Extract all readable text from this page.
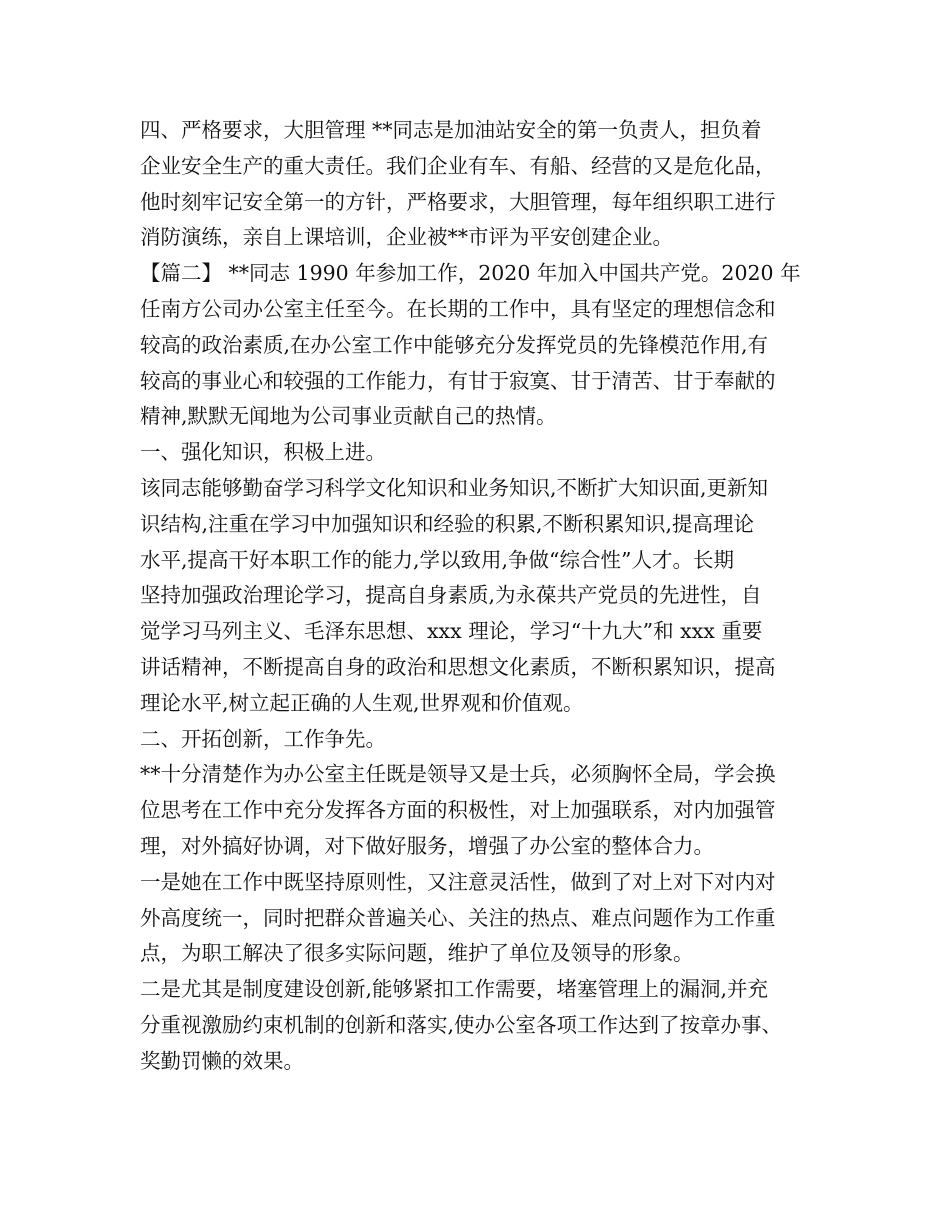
四、严格要求，大胆管理 **同志是加油站安全的第一负责人，担负着
企业安全生产的重大责任。我们企业有车、有船、经营的又是危化品，
他时刻牢记安全第一的方针，严格要求，大胆管理，每年组织职工进行
消防演练，亲自上课培训，企业被**市评为平安创建企业。
【篇二】 **同志 1990 年参加工作，2020 年加入中国共产党。2020 年
任南方公司办公室主任至今。在长期的工作中，具有坚定的理想信念和
较高的政治素质,在办公室工作中能够充分发挥党员的先锋模范作用,有
较高的事业心和较强的工作能力，有甘于寂寞、甘于清苦、甘于奉献的
精神,默默无闻地为公司事业贡献自己的热情。
一、强化知识，积极上进。
该同志能够勤奋学习科学文化知识和业务知识,不断扩大知识面,更新知
识结构,注重在学习中加强知识和经验的积累,不断积累知识,提高理论
水平,提高干好本职工作的能力,学以致用,争做“综合性”人才。长期
坚持加强政治理论学习，提高自身素质,为永葆共产党员的先进性，自
觉学习马列主义、毛泽东思想、xxx 理论，学习“十九大”和 xxx 重要
讲话精神，不断提高自身的政治和思想文化素质，不断积累知识，提高
理论水平,树立起正确的人生观,世界观和价值观。
二、开拓创新，工作争先。
**十分清楚作为办公室主任既是领导又是士兵，必须胸怀全局，学会换
位思考在工作中充分发挥各方面的积极性，对上加强联系，对内加强管
理，对外搞好协调，对下做好服务，增强了办公室的整体合力。
一是她在工作中既坚持原则性，又注意灵活性，做到了对上对下对内对
外高度统一，同时把群众普遍关心、关注的热点、难点问题作为工作重
点，为职工解决了很多实际问题，维护了单位及领导的形象。
二是尤其是制度建设创新,能够紧扣工作需要，堵塞管理上的漏洞,并充
分重视激励约束机制的创新和落实,使办公室各项工作达到了按章办事、
奖勤罚懒的效果。
